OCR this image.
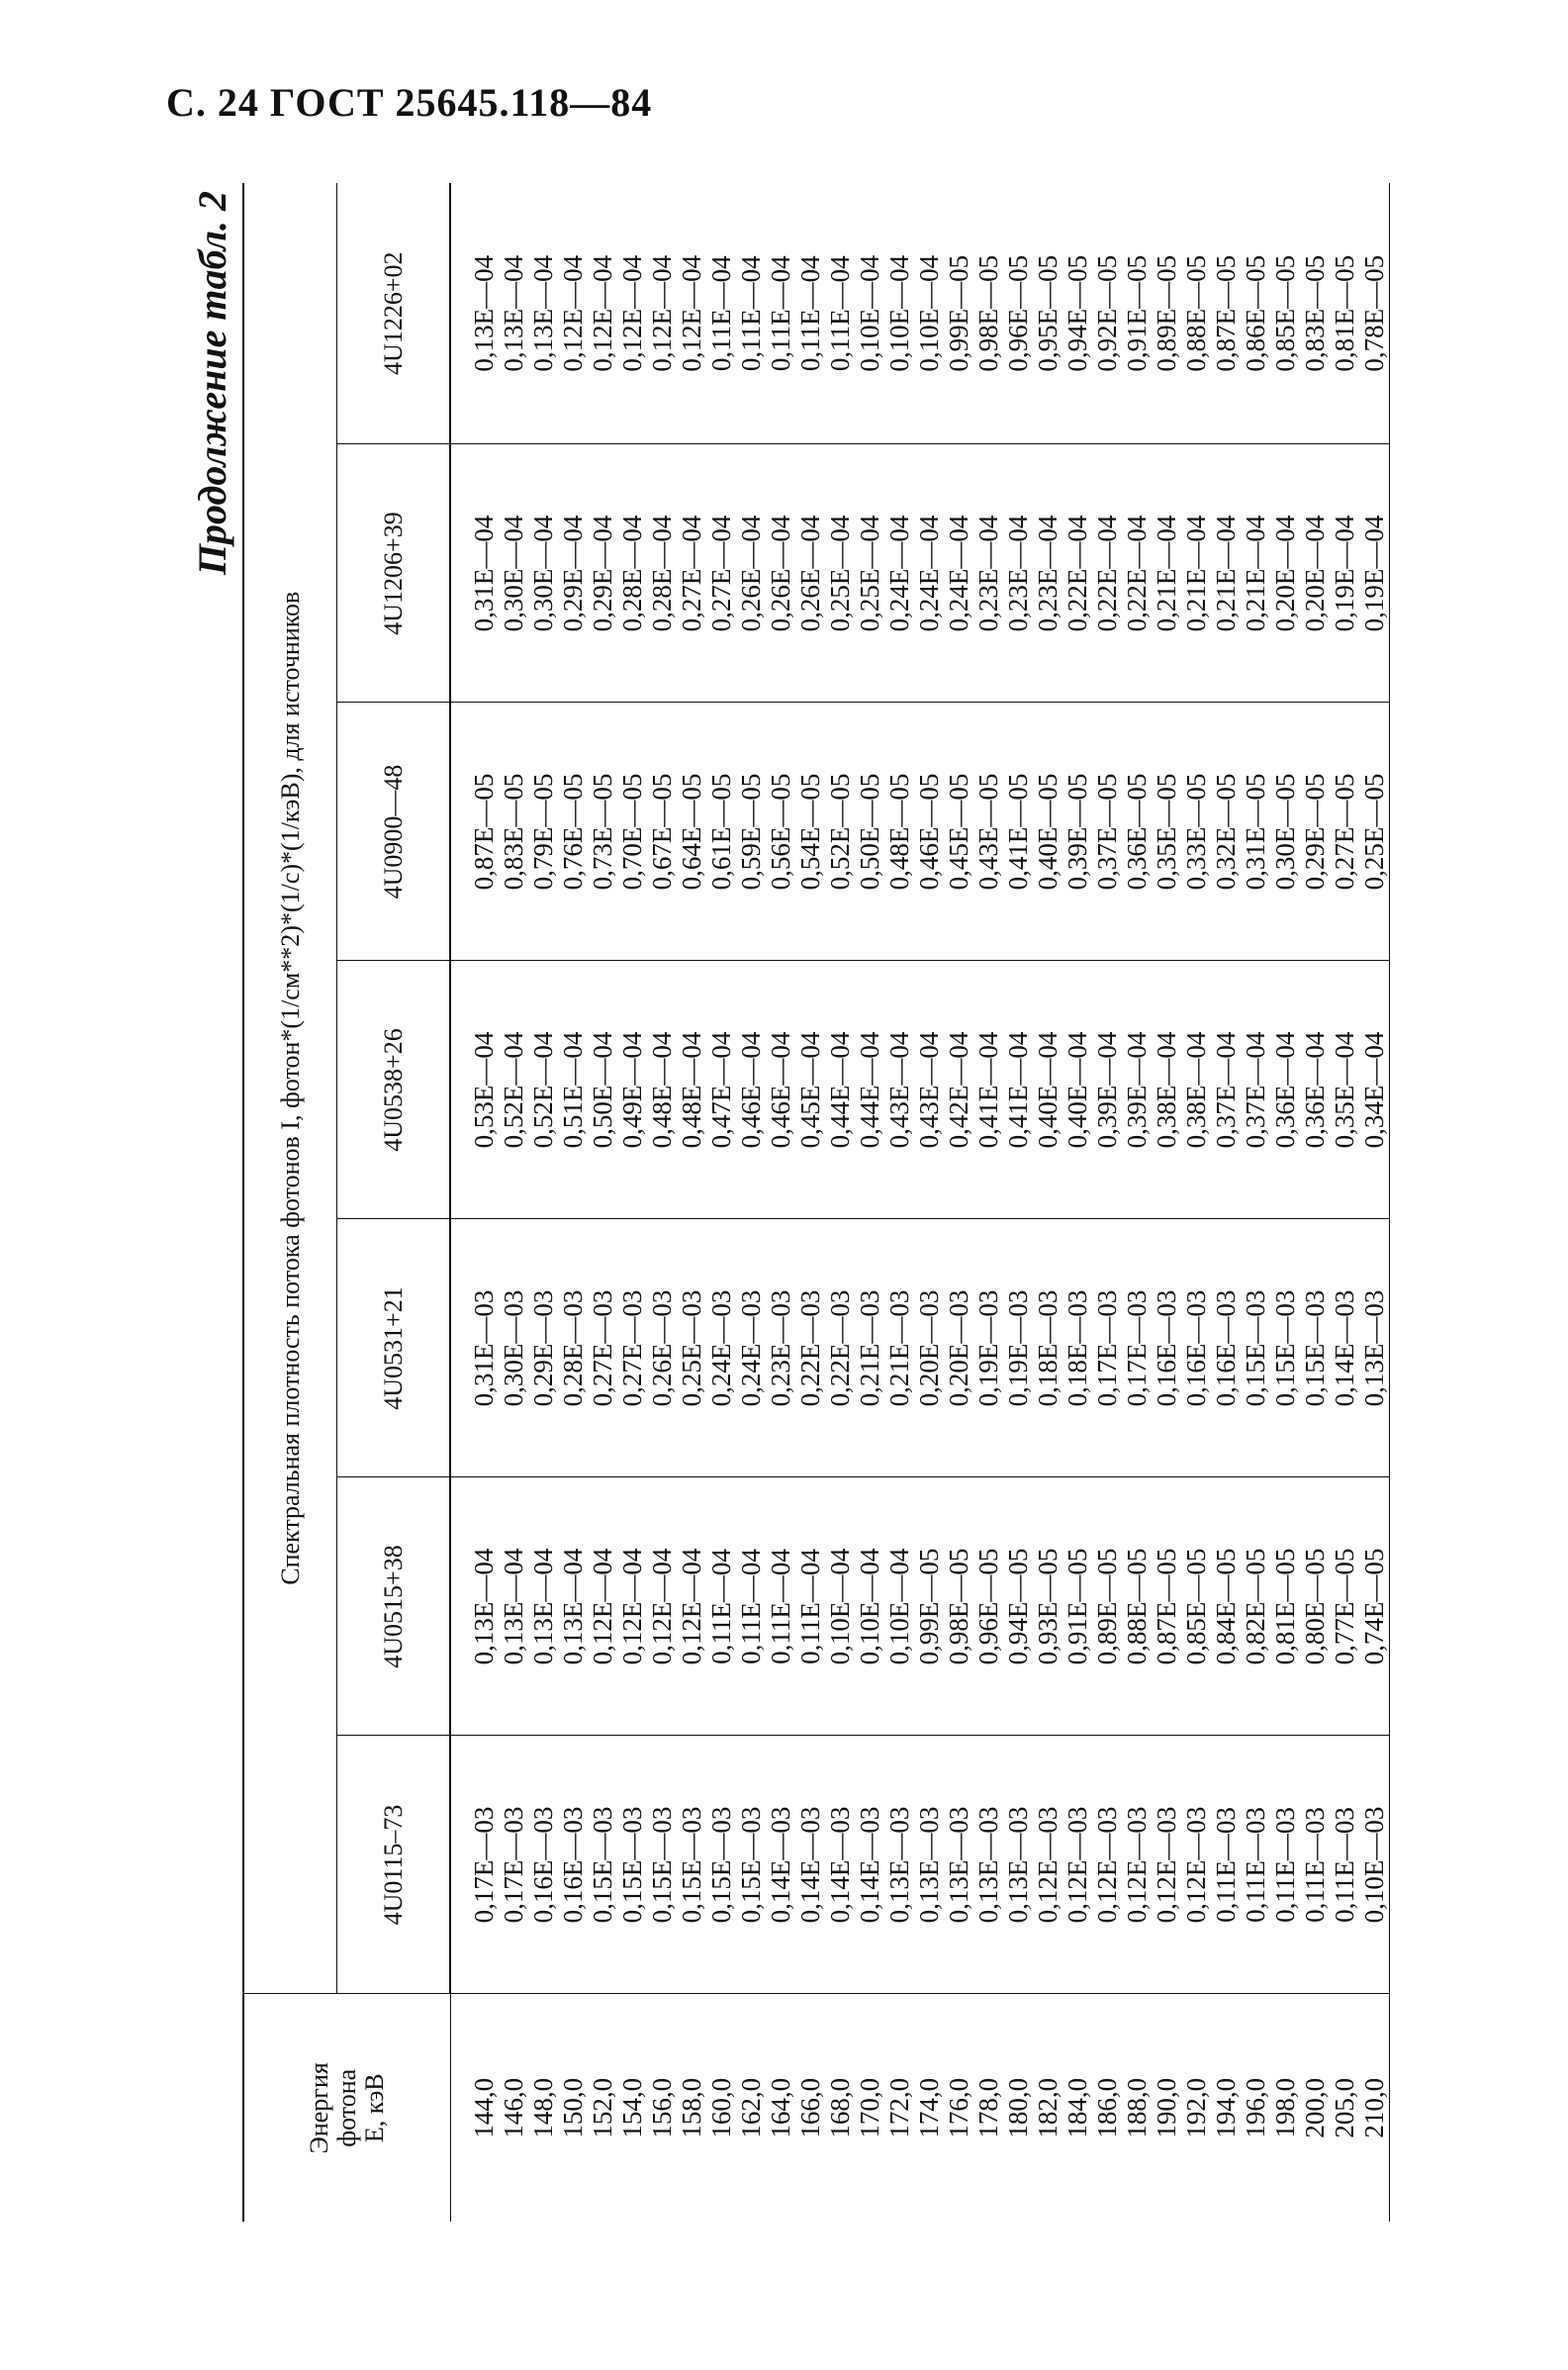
С. 24 ГОСТ 25645.118—84
Продолжение табл. 2
Энергия фотона E, кэВ	Спектральная плотность потока фотонов I, фотон*(1/см**2)*(1/с)*(1/кэВ), для источников						
	4U0115–73	4U0515+38	4U0531+21	4U0538+26	4U0900—48	4U1206+39	4U1226+02
144,0	0,17E—03	0,13E—04	0,31E—03	0,53E—04	0,87E—05	0,31E—04	0,13E—04
146,0	0,17E—03	0,13E—04	0,30E—03	0,52E—04	0,83E—05	0,30E—04	0,13E—04
148,0	0,16E—03	0,13E—04	0,29E—03	0,52E—04	0,79E—05	0,30E—04	0,13E—04
150,0	0,16E—03	0,13E—04	0,28E—03	0,51E—04	0,76E—05	0,29E—04	0,12E—04
152,0	0,15E—03	0,12E—04	0,27E—03	0,50E—04	0,73E—05	0,29E—04	0,12E—04
154,0	0,15E—03	0,12E—04	0,27E—03	0,49E—04	0,70E—05	0,28E—04	0,12E—04
156,0	0,15E—03	0,12E—04	0,26E—03	0,48E—04	0,67E—05	0,28E—04	0,12E—04
158,0	0,15E—03	0,12E—04	0,25E—03	0,48E—04	0,64E—05	0,27E—04	0,12E—04
160,0	0,15E—03	0,11E—04	0,24E—03	0,47E—04	0,61E—05	0,27E—04	0,11E—04
162,0	0,15E—03	0,11E—04	0,24E—03	0,46E—04	0,59E—05	0,26E—04	0,11E—04
164,0	0,14E—03	0,11E—04	0,23E—03	0,46E—04	0,56E—05	0,26E—04	0,11E—04
166,0	0,14E—03	0,11E—04	0,22E—03	0,45E—04	0,54E—05	0,26E—04	0,11E—04
168,0	0,14E—03	0,10E—04	0,22E—03	0,44E—04	0,52E—05	0,25E—04	0,11E—04
170,0	0,14E—03	0,10E—04	0,21E—03	0,44E—04	0,50E—05	0,25E—04	0,10E—04
172,0	0,13E—03	0,10E—04	0,21E—03	0,43E—04	0,48E—05	0,24E—04	0,10E—04
174,0	0,13E—03	0,99E—05	0,20E—03	0,43E—04	0,46E—05	0,24E—04	0,10E—04
176,0	0,13E—03	0,98E—05	0,20E—03	0,42E—04	0,45E—05	0,24E—04	0,99E—05
178,0	0,13E—03	0,96E—05	0,19E—03	0,41E—04	0,43E—05	0,23E—04	0,98E—05
180,0	0,13E—03	0,94E—05	0,19E—03	0,41E—04	0,41E—05	0,23E—04	0,96E—05
182,0	0,12E—03	0,93E—05	0,18E—03	0,40E—04	0,40E—05	0,23E—04	0,95E—05
184,0	0,12E—03	0,91E—05	0,18E—03	0,40E—04	0,39E—05	0,22E—04	0,94E—05
186,0	0,12E—03	0,89E—05	0,17E—03	0,39E—04	0,37E—05	0,22E—04	0,92E—05
188,0	0,12E—03	0,88E—05	0,17E—03	0,39E—04	0,36E—05	0,22E—04	0,91E—05
190,0	0,12E—03	0,87E—05	0,16E—03	0,38E—04	0,35E—05	0,21E—04	0,89E—05
192,0	0,12E—03	0,85E—05	0,16E—03	0,38E—04	0,33E—05	0,21E—04	0,88E—05
194,0	0,11E—03	0,84E—05	0,16E—03	0,37E—04	0,32E—05	0,21E—04	0,87E—05
196,0	0,11E—03	0,82E—05	0,15E—03	0,37E—04	0,31E—05	0,21E—04	0,86E—05
198,0	0,11E—03	0,81E—05	0,15E—03	0,36E—04	0,30E—05	0,20E—04	0,85E—05
200,0	0,11E—03	0,80E—05	0,15E—03	0,36E—04	0,29E—05	0,20E—04	0,83E—05
205,0	0,11E—03	0,77E—05	0,14E—03	0,35E—04	0,27E—05	0,19E—04	0,81E—05
210,0	0,10E—03	0,74E—05	0,13E—03	0,34E—04	0,25E—05	0,19E—04	0,78E—05
